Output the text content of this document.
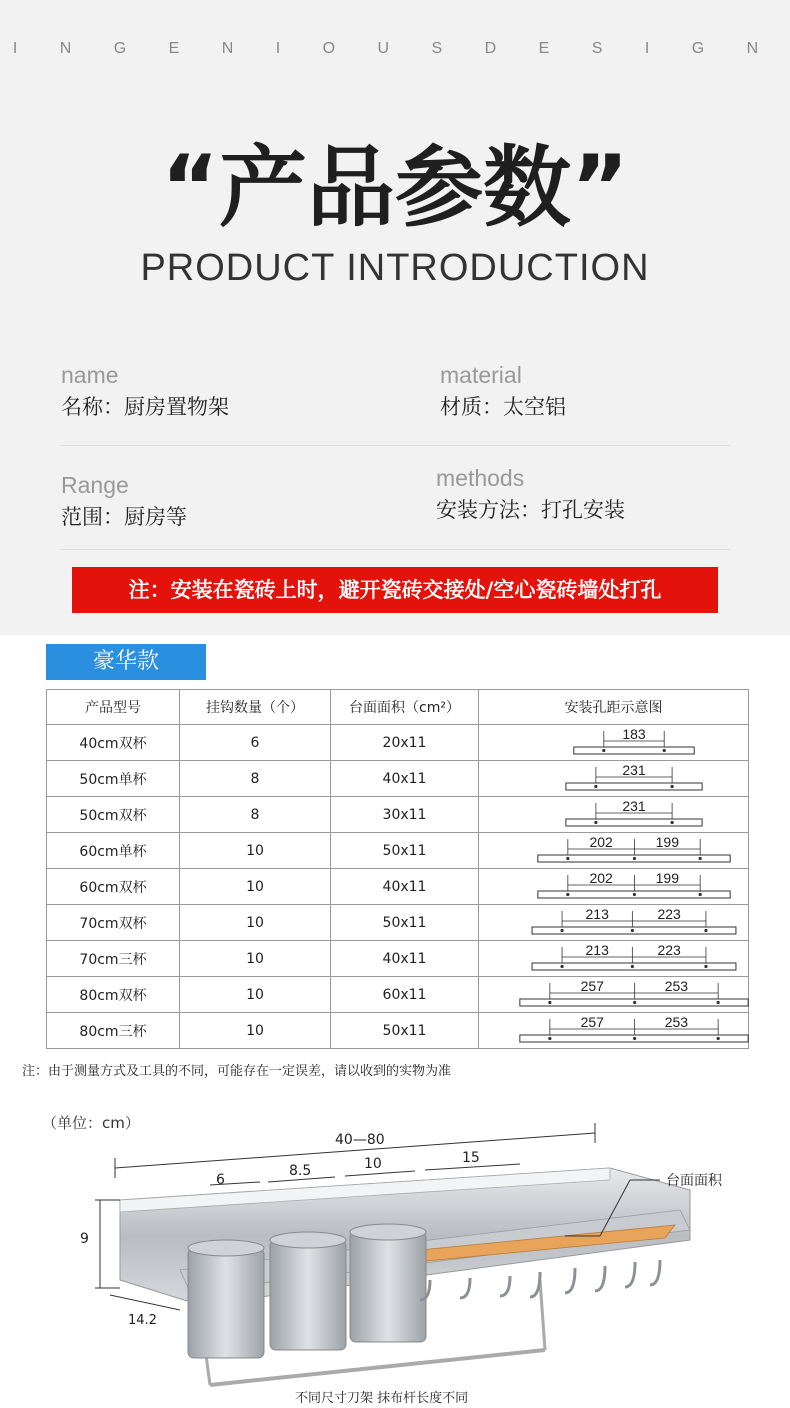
I N G E N I O U S D E S I G N
“产品参数”
PRODUCT INTRODUCTION
name
名称：厨房置物架
material
材质：太空铝
Range
范围：厨房等
methods
安装方法：打孔安装
注：安装在瓷砖上时，避开瓷砖交接处/空心瓷砖墙处打孔
豪华款
产品型号	挂钩数量（个）	台面面积（cm²）	安装孔距示意图
40cm双杯	6	20x11	183

50cm单杯	8	40x11	231

50cm双杯	8	30x11	231

60cm单杯	10	50x11	202 199

60cm双杯	10	40x11	202 199

70cm双杯	10	50x11	213 223

70cm三杯	10	40x11	213 223

80cm双杯	10	60x11	257 253

80cm三杯	10	50x11	257 253
注：由于测量方式及工具的不同，可能存在一定误差，请以收到的实物为准
（单位：cm）
40—80
6
8.5	10	15
9
14.2
台面面积
不同尺寸刀架 抹布杆长度不同
